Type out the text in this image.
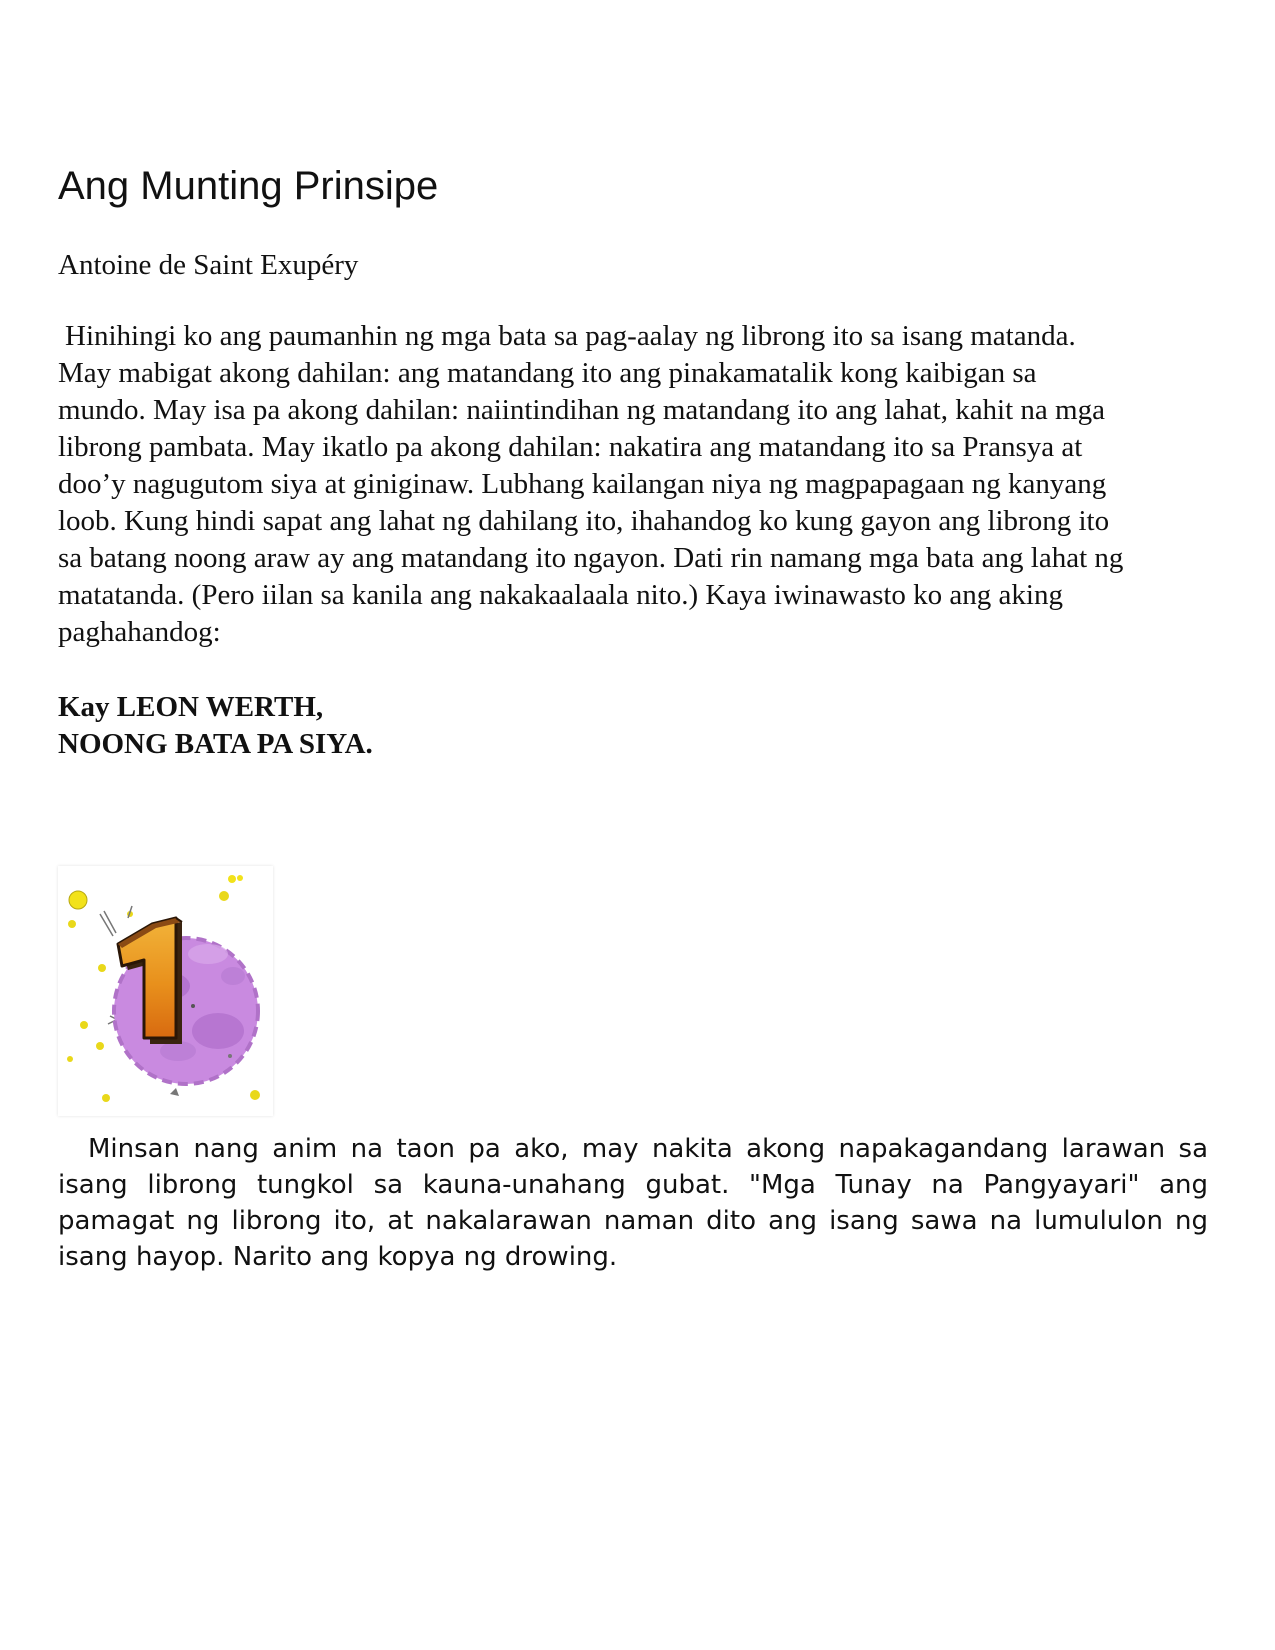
Ang Munting Prinsipe

Antoine de Saint Exupéry

Hinihingi ko ang paumanhin ng mga bata sa pag-aalay ng librong ito sa isang matanda.
May mabigat akong dahilan: ang matandang ito ang pinakamatalik kong kaibigan sa
mundo. May isa pa akong dahilan: naiintindihan ng matandang ito ang lahat, kahit na mga
librong pambata. May ikatlo pa akong dahilan: nakatira ang matandang ito sa Pransya at
doo’y nagugutom siya at giniginaw. Lubhang kailangan niya ng magpapagaan ng kanyang
loob. Kung hindi sapat ang lahat ng dahilang ito, ihahandog ko kung gayon ang librong ito
sa batang noong araw ay ang matandang ito ngayon. Dati rin namang mga bata ang lahat ng
matatanda. (Pero iilan sa kanila ang nakakaalaala nito.) Kaya iwinawasto ko ang aking
paghahandog:

Kay LEON WERTH,
NOONG BATA PA SIYA.

Minsan nang anim na taon pa ako, may nakita akong napakagandang larawan sa
isang librong tungkol sa kauna-unahang gubat. "Mga Tunay na Pangyayari" ang
pamagat ng librong ito, at nakalarawan naman dito ang isang sawa na lumululon ng
isang hayop. Narito ang kopya ng drowing.
